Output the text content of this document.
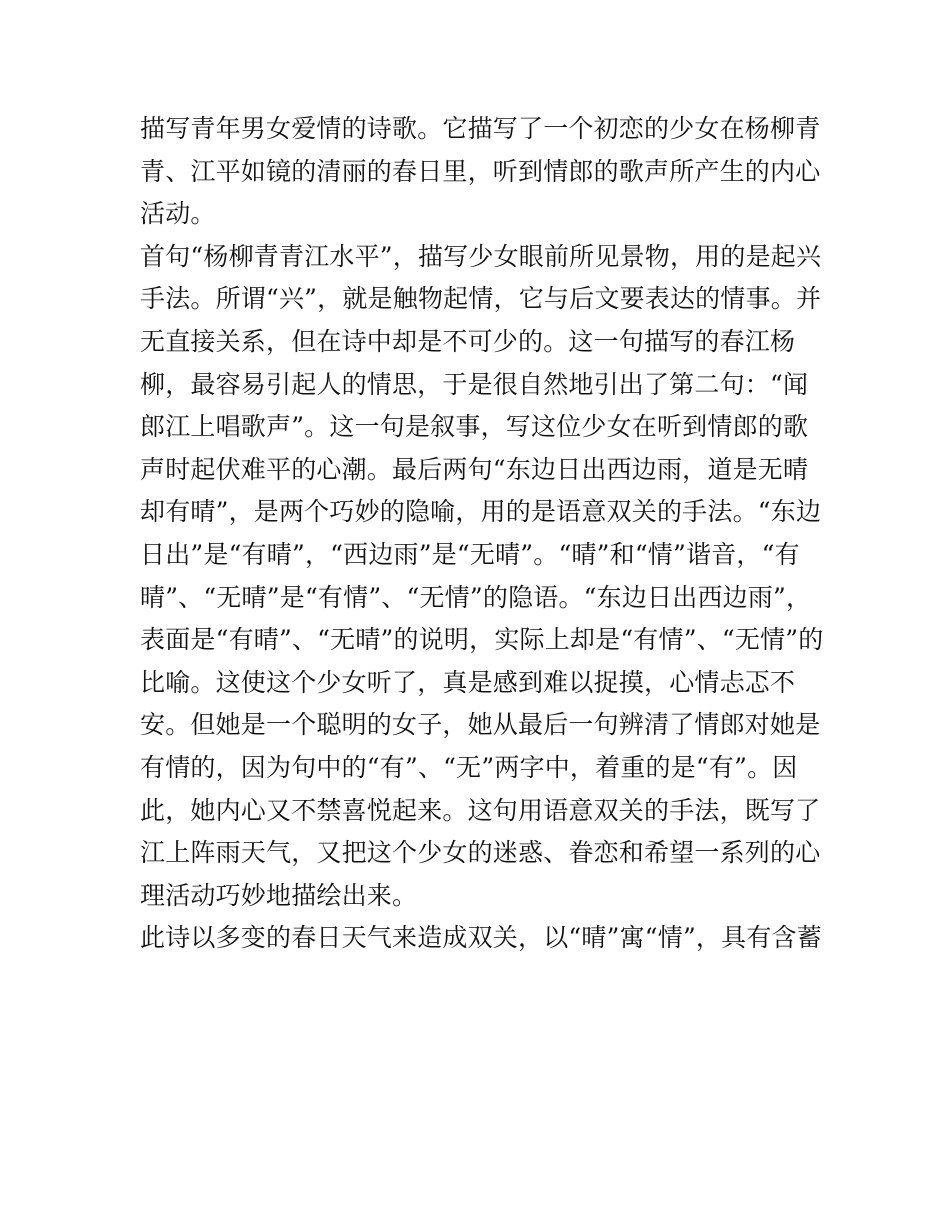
描写青年男女爱情的诗歌。它描写了一个初恋的少女在杨柳青
青、江平如镜的清丽的春日里，听到情郎的歌声所产生的内心
活动。
首句“杨柳青青江水平”，描写少女眼前所见景物，用的是起兴
手法。所谓“兴”，就是触物起情，它与后文要表达的情事。并
无直接关系，但在诗中却是不可少的。这一句描写的春江杨
柳，最容易引起人的情思，于是很自然地引出了第二句：“闻
郎江上唱歌声”。这一句是叙事，写这位少女在听到情郎的歌
声时起伏难平的心潮。最后两句“东边日出西边雨，道是无晴
却有晴”，是两个巧妙的隐喻，用的是语意双关的手法。“东边
日出”是“有晴”，“西边雨”是“无晴”。“晴”和“情”谐音，“有
晴”、“无晴”是“有情”、“无情”的隐语。“东边日出西边雨”，
表面是“有晴”、“无晴”的说明，实际上却是“有情”、“无情”的
比喻。这使这个少女听了，真是感到难以捉摸，心情忐忑不
安。但她是一个聪明的女子，她从最后一句辨清了情郎对她是
有情的，因为句中的“有”、“无”两字中，着重的是“有”。因
此，她内心又不禁喜悦起来。这句用语意双关的手法，既写了
江上阵雨天气，又把这个少女的迷惑、眷恋和希望一系列的心
理活动巧妙地描绘出来。
此诗以多变的春日天气来造成双关，以“晴”寓“情”，具有含蓄
